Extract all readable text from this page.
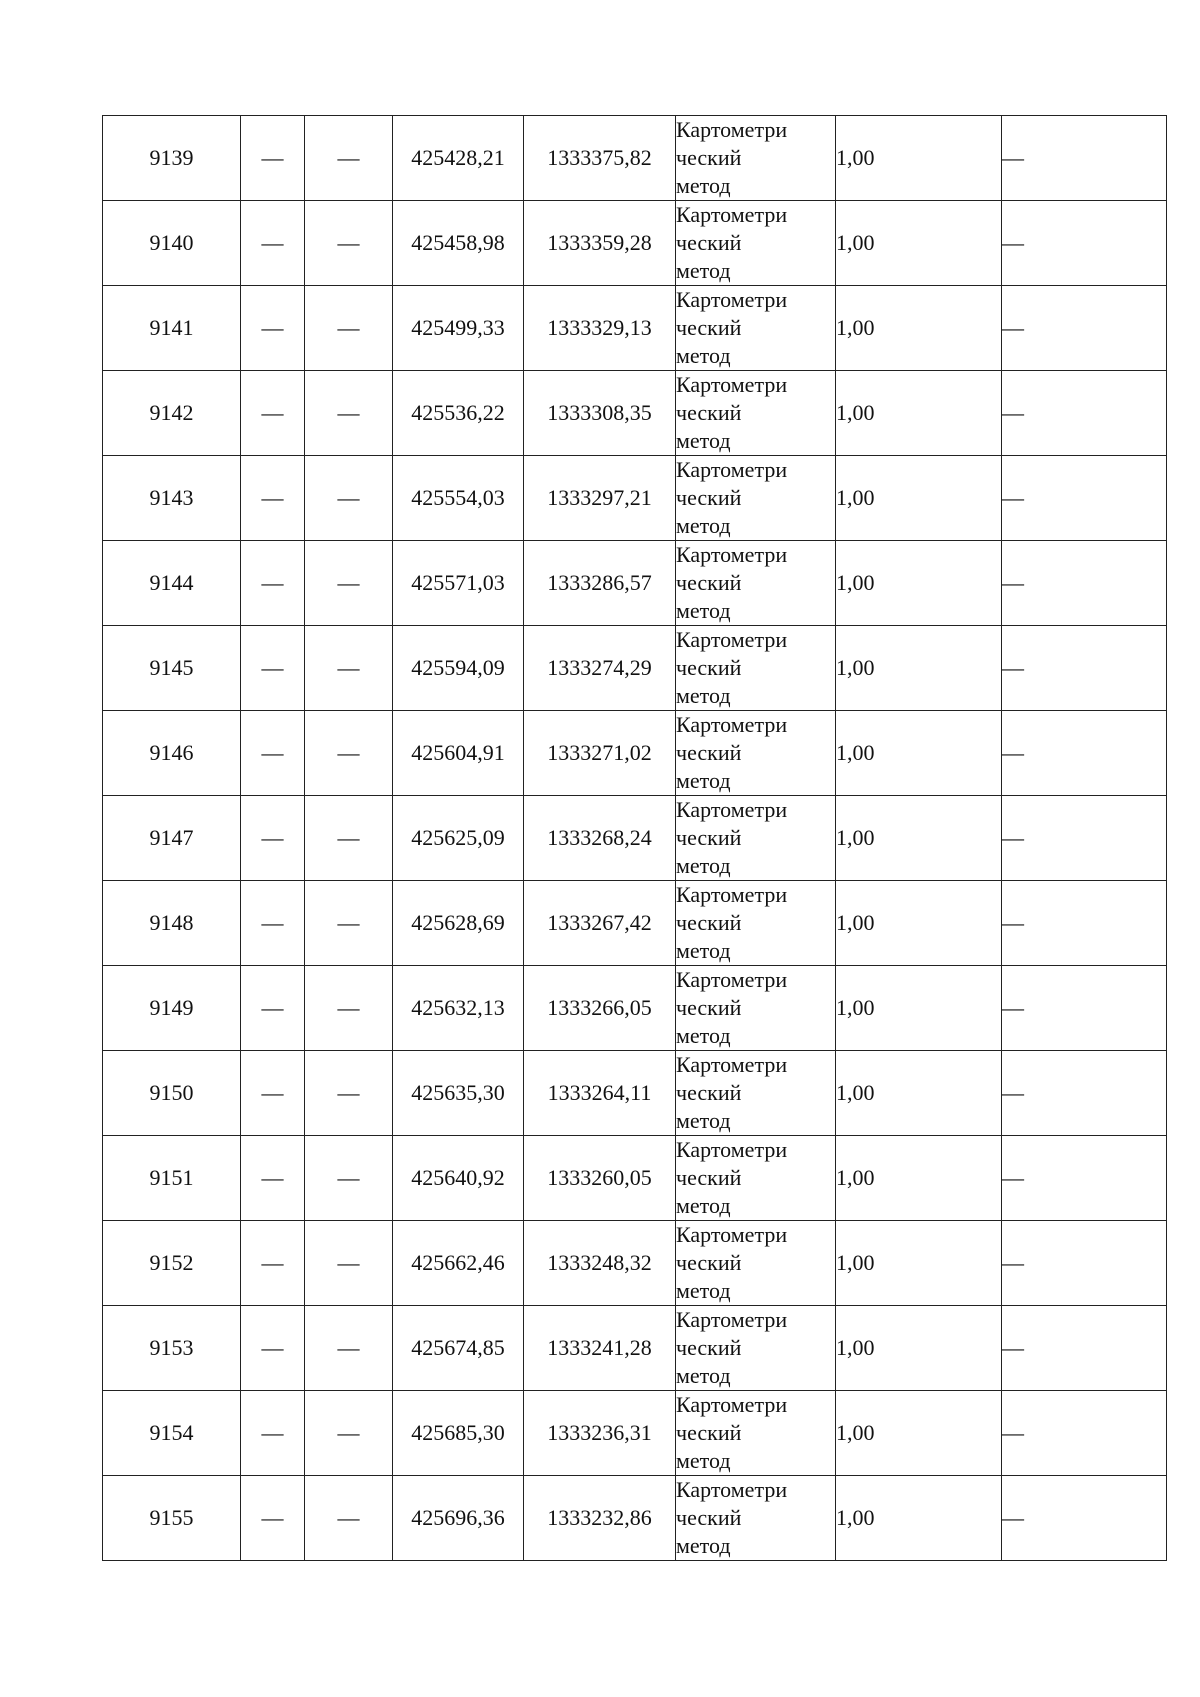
9139	—	—	425428,21	1333375,82	Картометри
ческий
метод	1,00	—
9140	—	—	425458,98	1333359,28	Картометри
ческий
метод	1,00	—
9141	—	—	425499,33	1333329,13	Картометри
ческий
метод	1,00	—
9142	—	—	425536,22	1333308,35	Картометри
ческий
метод	1,00	—
9143	—	—	425554,03	1333297,21	Картометри
ческий
метод	1,00	—
9144	—	—	425571,03	1333286,57	Картометри
ческий
метод	1,00	—
9145	—	—	425594,09	1333274,29	Картометри
ческий
метод	1,00	—
9146	—	—	425604,91	1333271,02	Картометри
ческий
метод	1,00	—
9147	—	—	425625,09	1333268,24	Картометри
ческий
метод	1,00	—
9148	—	—	425628,69	1333267,42	Картометри
ческий
метод	1,00	—
9149	—	—	425632,13	1333266,05	Картометри
ческий
метод	1,00	—
9150	—	—	425635,30	1333264,11	Картометри
ческий
метод	1,00	—
9151	—	—	425640,92	1333260,05	Картометри
ческий
метод	1,00	—
9152	—	—	425662,46	1333248,32	Картометри
ческий
метод	1,00	—
9153	—	—	425674,85	1333241,28	Картометри
ческий
метод	1,00	—
9154	—	—	425685,30	1333236,31	Картометри
ческий
метод	1,00	—
9155	—	—	425696,36	1333232,86	Картометри
ческий
метод	1,00	—
